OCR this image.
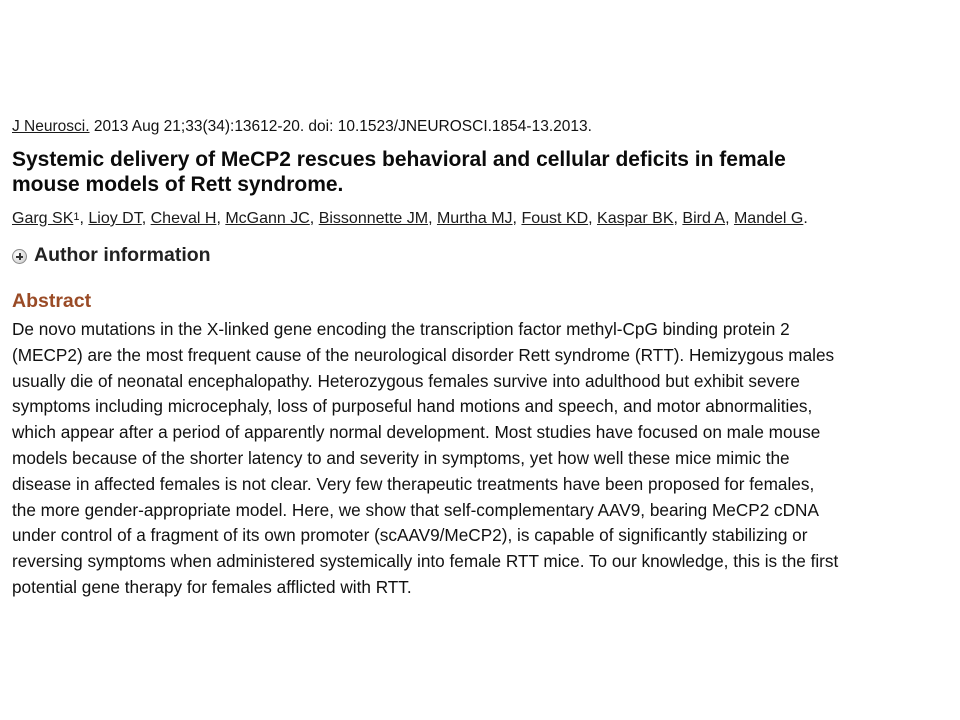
J Neurosci. 2013 Aug 21;33(34):13612-20. doi: 10.1523/JNEUROSCI.1854-13.2013.
Systemic delivery of MeCP2 rescues behavioral and cellular deficits in female
mouse models of Rett syndrome.
Garg $SK^1$, Lioy DT, Cheval H, McGann JC, Bissonnette JM, Murtha MJ, Foust KD, Kaspar BK, Bird A, Mandel G.
Author information
Abstract
De novo mutations in the X-linked gene encoding the transcription factor methyl-CpG binding protein 2
(MECP2) are the most frequent cause of the neurological disorder Rett syndrome (RTT). Hemizygous males
usually die of neonatal encephalopathy. Heterozygous females survive into adulthood but exhibit severe
symptoms including microcephaly, loss of purposeful hand motions and speech, and motor abnormalities,
which appear after a period of apparently normal development. Most studies have focused on male mouse
models because of the shorter latency to and severity in symptoms, yet how well these mice mimic the
disease in affected females is not clear. Very few therapeutic treatments have been proposed for females,
the more gender-appropriate model. Here, we show that self-complementary AAV9, bearing MeCP2 cDNA
under control of a fragment of its own promoter (scAAV9/MeCP2), is capable of significantly stabilizing or
reversing symptoms when administered systemically into female RTT mice. To our knowledge, this is the first
potential gene therapy for females afflicted with RTT.
